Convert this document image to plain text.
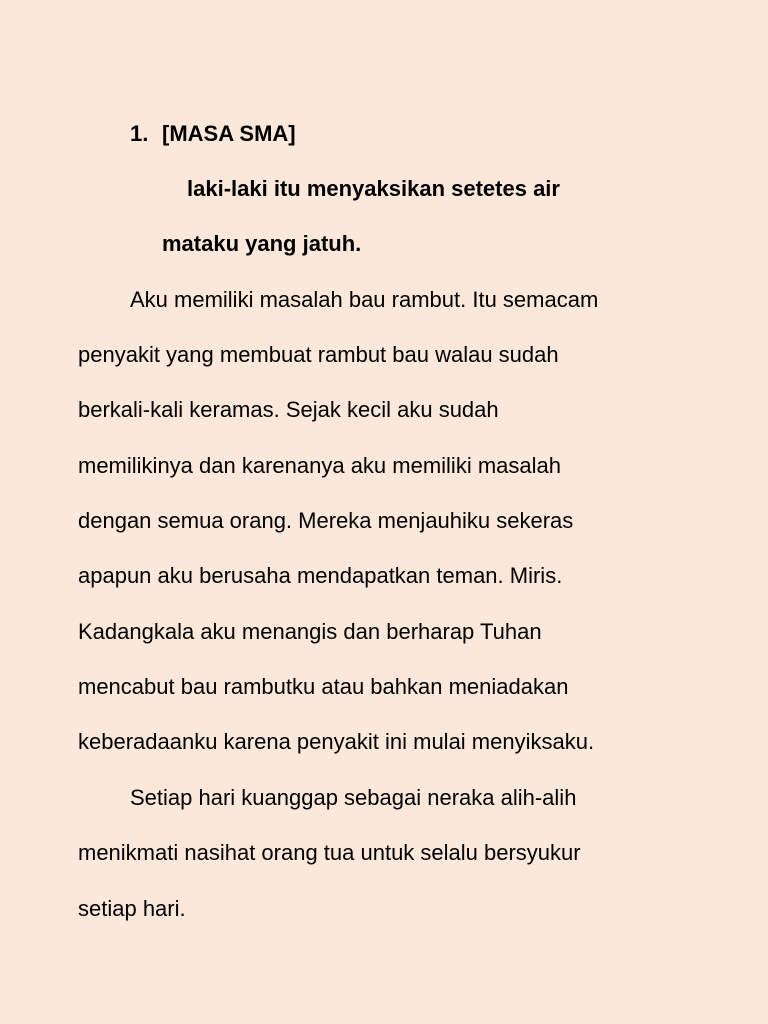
1. [MASA SMA]
laki-laki itu menyaksikan setetes air
mataku yang jatuh.
Aku memiliki masalah bau rambut. Itu semacam
penyakit yang membuat rambut bau walau sudah
berkali-kali keramas. Sejak kecil aku sudah
memilikinya dan karenanya aku memiliki masalah
dengan semua orang. Mereka menjauhiku sekeras
apapun aku berusaha mendapatkan teman. Miris.
Kadangkala aku menangis dan berharap Tuhan
mencabut bau rambutku atau bahkan meniadakan
keberadaanku karena penyakit ini mulai menyiksaku.
Setiap hari kuanggap sebagai neraka alih-alih
menikmati nasihat orang tua untuk selalu bersyukur
setiap hari.
